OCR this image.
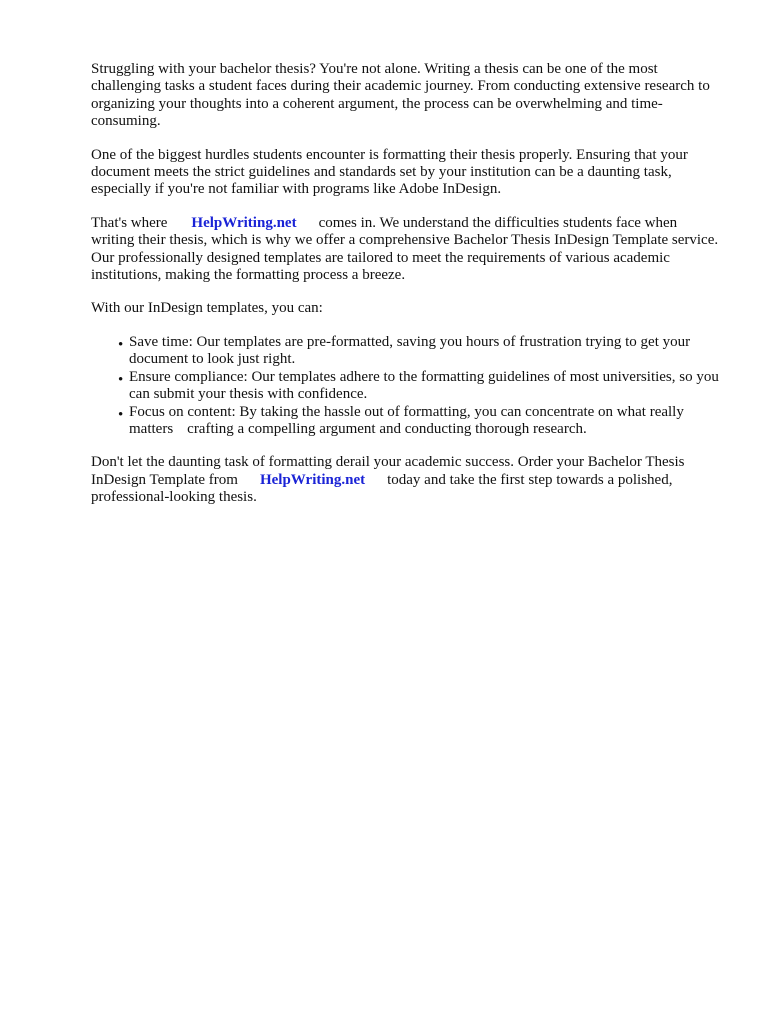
Struggling with your bachelor thesis? You're not alone. Writing a thesis can be one of the most challenging tasks a student faces during their academic journey. From conducting extensive research to organizing your thoughts into a coherent argument, the process can be overwhelming and time-consuming.

One of the biggest hurdles students encounter is formatting their thesis properly. Ensuring that your document meets the strict guidelines and standards set by your institution can be a daunting task, especially if you're not familiar with programs like Adobe InDesign.

That's where HelpWriting.net comes in. We understand the difficulties students face when writing their thesis, which is why we offer a comprehensive Bachelor Thesis InDesign Template service. Our professionally designed templates are tailored to meet the requirements of various academic institutions, making the formatting process a breeze.

With our InDesign templates, you can:

• Save time: Our templates are pre-formatted, saving you hours of frustration trying to get your document to look just right.
• Ensure compliance: Our templates adhere to the formatting guidelines of most universities, so you can submit your thesis with confidence.
• Focus on content: By taking the hassle out of formatting, you can concentrate on what really matters crafting a compelling argument and conducting thorough research.

Don't let the daunting task of formatting derail your academic success. Order your Bachelor Thesis InDesign Template from HelpWriting.net today and take the first step towards a polished, professional-looking thesis.
